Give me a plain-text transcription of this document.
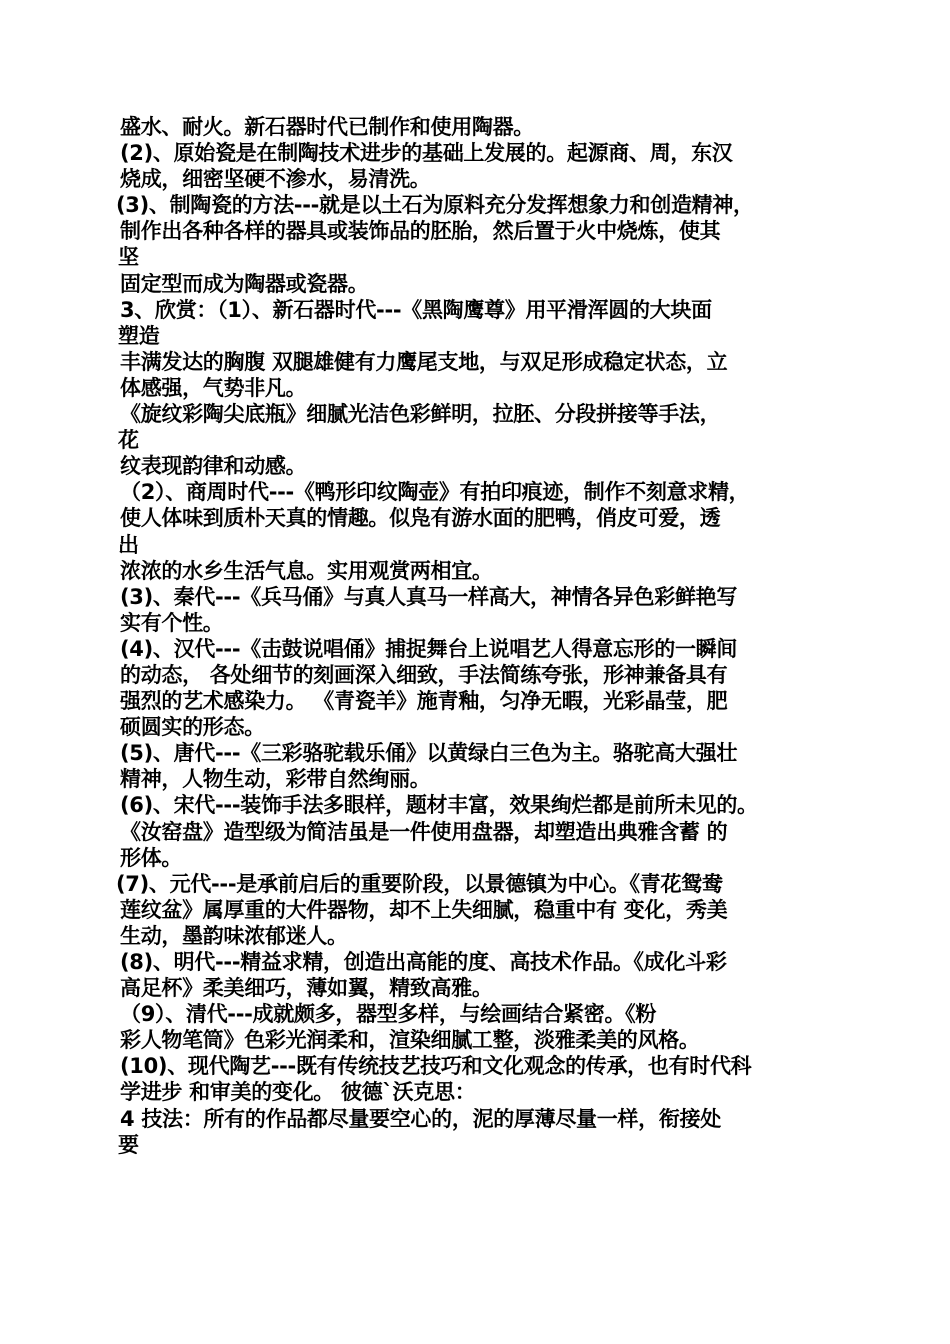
盛水、耐火。新石器时代已制作和使用陶器。
(2)、原始瓷是在制陶技术进步的基础上发展的。起源商、周，东汉
烧成，细密坚硬不渗水，易清洗。
(3)、制陶瓷的方法---就是以土石为原料充分发挥想象力和创造精神，
制作出各种各样的器具或装饰品的胚胎，然后置于火中烧炼，使其
坚
固定型而成为陶器或瓷器。
3、欣赏：（1）、新石器时代---《黑陶鹰尊》用平滑浑圆的大块面
塑造
丰满发达的胸腹 双腿雄健有力鹰尾支地，与双足形成稳定状态，立
体感强，气势非凡。
《旋纹彩陶尖底瓶》细腻光洁色彩鲜明，拉胚、分段拼接等手法，
花
纹表现韵律和动感。
（2）、商周时代---《鸭形印纹陶壶》有拍印痕迹，制作不刻意求精，
使人体味到质朴天真的情趣。似凫有游水面的肥鸭，俏皮可爱，透
出
浓浓的水乡生活气息。实用观赏两相宜。
(3)、秦代---《兵马俑》与真人真马一样高大，神情各异色彩鲜艳写
实有个性。
(4)、汉代---《击鼓说唱俑》捕捉舞台上说唱艺人得意忘形的一瞬间
的动态， 各处细节的刻画深入细致，手法简练夸张，形神兼备具有
强烈的艺术感染力。 《青瓷羊》施青釉，匀净无暇，光彩晶莹，肥
硕圆实的形态。
(5)、唐代---《三彩骆驼载乐俑》以黄绿白三色为主。骆驼高大强壮
精神，人物生动，彩带自然绚丽。
(6)、宋代---装饰手法多眼样，题材丰富，效果绚烂都是前所未见的。
《汝窑盘》造型级为简洁虽是一件使用盘器，却塑造出典雅含蓄 的
形体。
(7)、元代---是承前启后的重要阶段，以景德镇为中心。《青花鸳鸯
莲纹盆》属厚重的大件器物，却不上失细腻，稳重中有 变化，秀美
生动，墨韵味浓郁迷人。
(8)、明代---精益求精，创造出高能的度、高技术作品。《成化斗彩
高足杯》柔美细巧，薄如翼，精致高雅。
（9）、清代---成就颇多，器型多样，与绘画结合紧密。《粉
彩人物笔筒》色彩光润柔和，渲染细腻工整，淡雅柔美的风格。
(10)、现代陶艺---既有传统技艺技巧和文化观念的传承，也有时代科
学进步 和审美的变化。 彼德`沃克思：
4 技法：所有的作品都尽量要空心的，泥的厚薄尽量一样，衔接处
要
